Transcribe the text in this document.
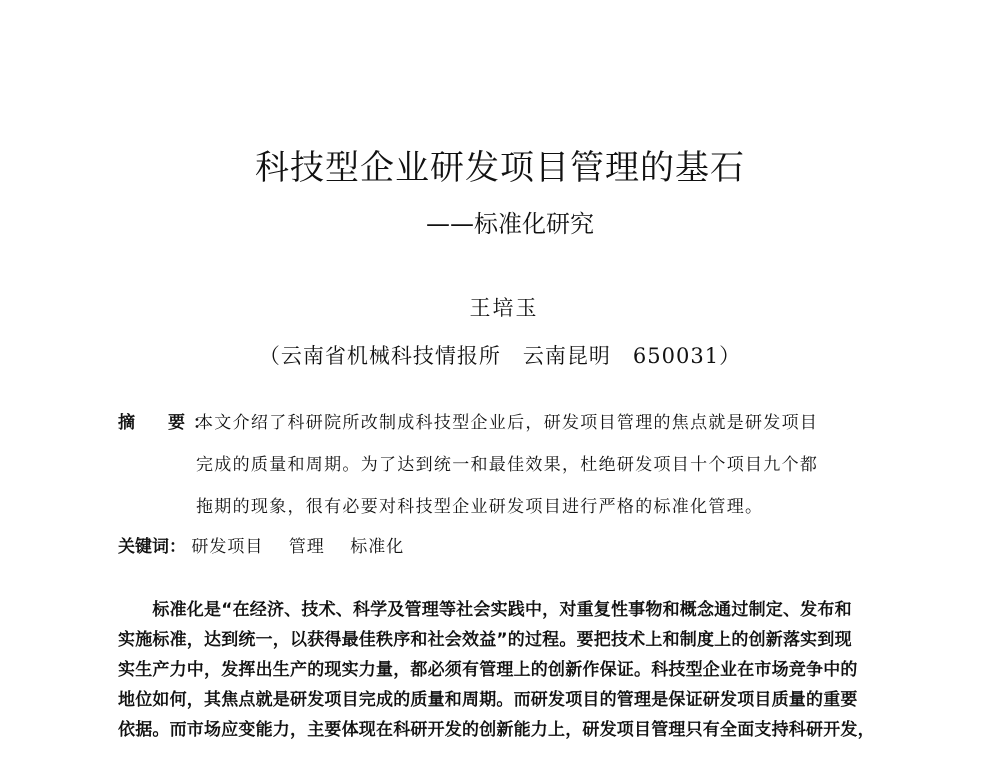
科技型企业研发项目管理的基石
——标准化研究
王培玉
（云南省机械科技情报所 云南昆明 650031）
摘　要：
本文介绍了科研院所改制成科技型企业后，研发项目管理的焦点就是研发项目
完成的质量和周期。为了达到统一和最佳效果，杜绝研发项目十个项目九个都
拖期的现象，很有必要对科技型企业研发项目进行严格的标准化管理。
关键词： 研发项目 管理 标准化
　　标准化是“在经济、技术、科学及管理等社会实践中，对重复性事物和概念通过制定、发布和
实施标准，达到统一，以获得最佳秩序和社会效益”的过程。要把技术上和制度上的创新落实到现
实生产力中，发挥出生产的现实力量，都必须有管理上的创新作保证。科技型企业在市场竞争中的
地位如何，其焦点就是研发项目完成的质量和周期。而研发项目的管理是保证研发项目质量的重要
依据。而市场应变能力，主要体现在科研开发的创新能力上，研发项目管理只有全面支持科研开发，
